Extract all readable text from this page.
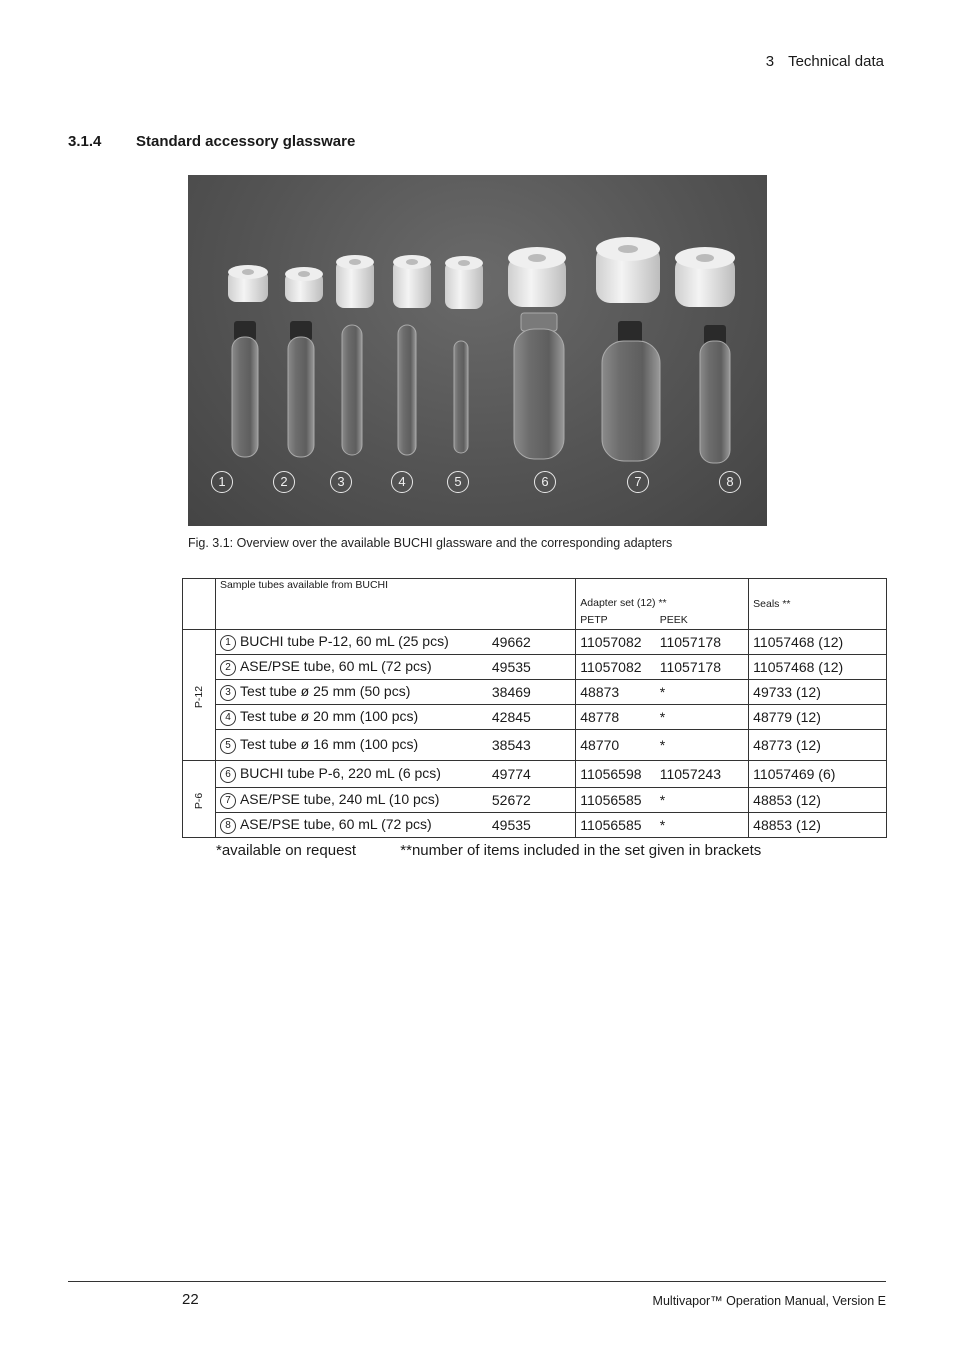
3 Technical data
3.1.4 Standard accessory glassware
1	2	3	4	5	6	7	8
Fig. 3.1: Overview over the available BUCHI glassware and the corresponding adapters
	Sample tubes available from BUCHI		Adapter set (12) **		Seals **
			PETP	PEEK	
P-12	1 BUCHI tube P-12, 60 mL (25 pcs)	49662	11057082	11057178	11057468 (12)
	2 ASE/PSE tube, 60 mL (72 pcs)	49535	11057082	11057178	11057468 (12)
	3 Test tube ø 25 mm (50 pcs)	38469	48873	*	49733 (12)
	4 Test tube ø 20 mm (100 pcs)	42845	48778	*	48779 (12)
	5 Test tube ø 16 mm (100 pcs)	38543	48770	*	48773 (12)
P-6	6 BUCHI tube P-6, 220 mL (6 pcs)	49774	11056598	11057243	11057469 (6)
	7 ASE/PSE tube, 240 mL (10 pcs)	52672	11056585	*	48853 (12)
	8 ASE/PSE tube, 60 mL (72 pcs)	49535	11056585	*	48853 (12)
*available on request	**number of items included in the set given in brackets
22	Multivapor™ Operation Manual, Version E
